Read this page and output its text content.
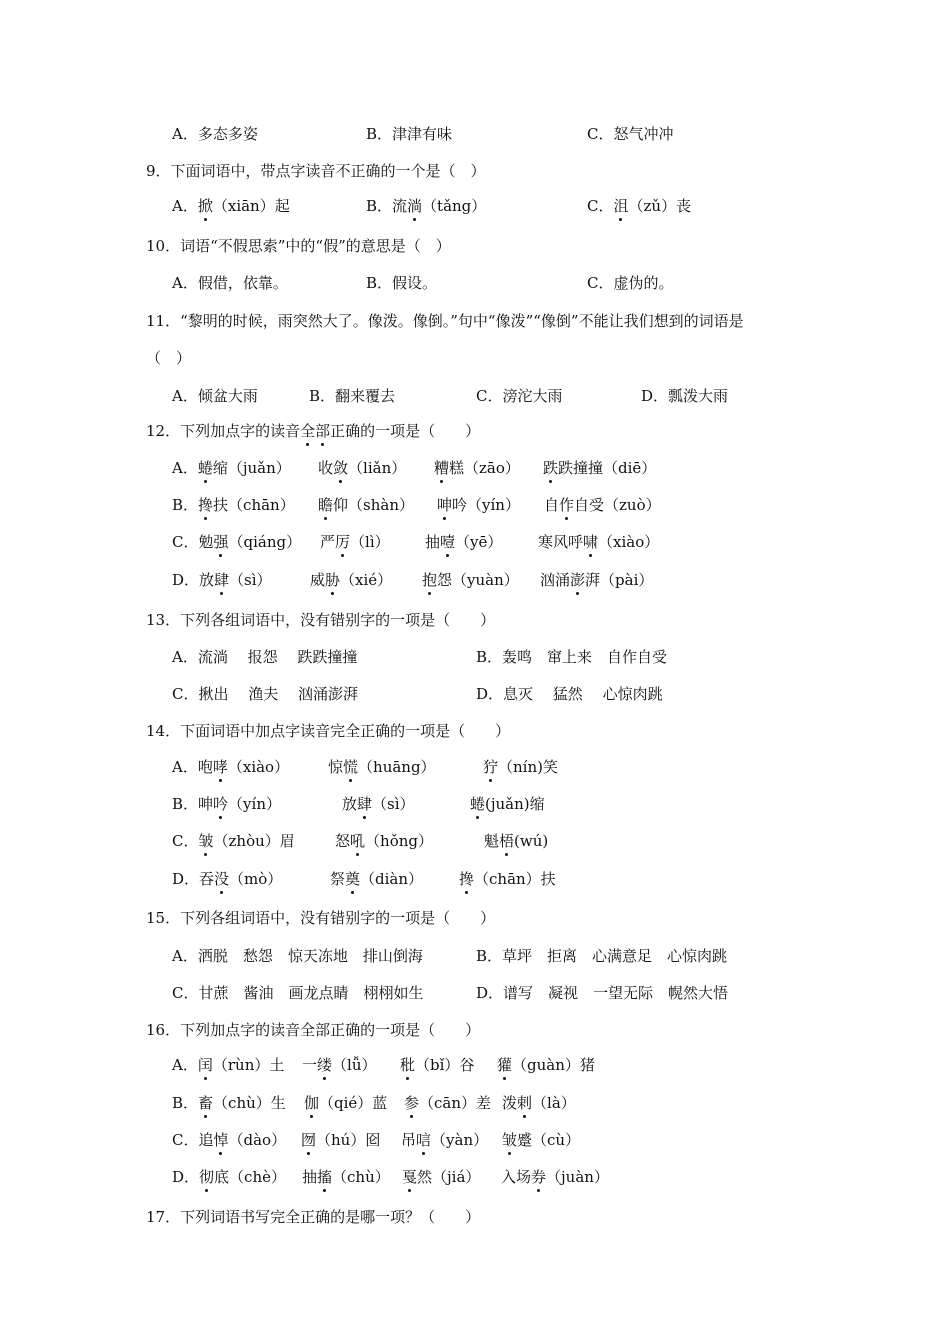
A．多态多姿	B．津津有味	C．怒气冲冲
9．下面词语中，带点字读音不正确的一个是（　）
A．掀（xiān）起	B．流淌（tǎng）	C．沮（zǔ）丧
10．词语“不假思索”中的“假”的意思是（　）
A．假借，依靠。	B．假设。	C．虚伪的。
11．“黎明的时候，雨突然大了。像泼。像倒。”句中“像泼”“像倒”不能让我们想到的词语是
（　）
A．倾盆大雨	B．翻来覆去	C．滂沱大雨	D．瓢泼大雨
12．下列加点字的读音全部正确的一项是（　　）
A．蜷缩（juǎn） 收敛（liǎn） 糟糕（zāo） 跌跌撞撞（diē）
B．搀扶（chān） 瞻仰（shàn） 呻吟（yín） 自作自受（zuò）
C．勉强（qiáng） 严厉（lì） 抽噎（yē） 寒风呼啸（xiào）
D．放肆（sì）	威胁（xié） 抱怨（yuàn） 汹涌澎湃（pài）
13．下列各组词语中，没有错别字的一项是（　　）
A．流淌　 报怨　 跌跌撞撞	B．轰鸣　窜上来　自作自受
C．揪出　 渔夫　 汹涌澎湃	D．息灭　 猛然　 心惊肉跳
14．下面词语中加点字读音完全正确的一项是（　　）
A．咆哮（xiào）	惊慌（huāng）	狞（nín)笑
B．呻吟（yín）	放肆（sì）	蜷(juǎn)缩
C．皱（zhòu）眉	怒吼（hǒng）	魁梧(wú)
D．吞没（mò）	祭奠（diàn） 搀（chān）扶
15．下列各组词语中，没有错别字的一项是（　　）
A．洒脱　愁怨　惊天冻地　排山倒海	B．草坪　拒离　心满意足　心惊肉跳
C．甘蔗　酱油　画龙点睛　栩栩如生	D．谱写　凝视　一望无际　幌然大悟
16．下列加点字的读音全部正确的一项是（　　）
A．闰（rùn）土 一缕（lǚ） 秕（bǐ）谷 獾（guàn）猪
B．畜（chù）生 伽（qié）蓝 参（cān）差 泼剌（là）
C．追悼（dào） 囫（hú）囵 吊唁（yàn） 皱蹙（cù）
D．彻底（chè） 抽搐（chù） 戛然（jiá） 入场券（juàn）
17．下列词语书写完全正确的是哪一项？（　　）
